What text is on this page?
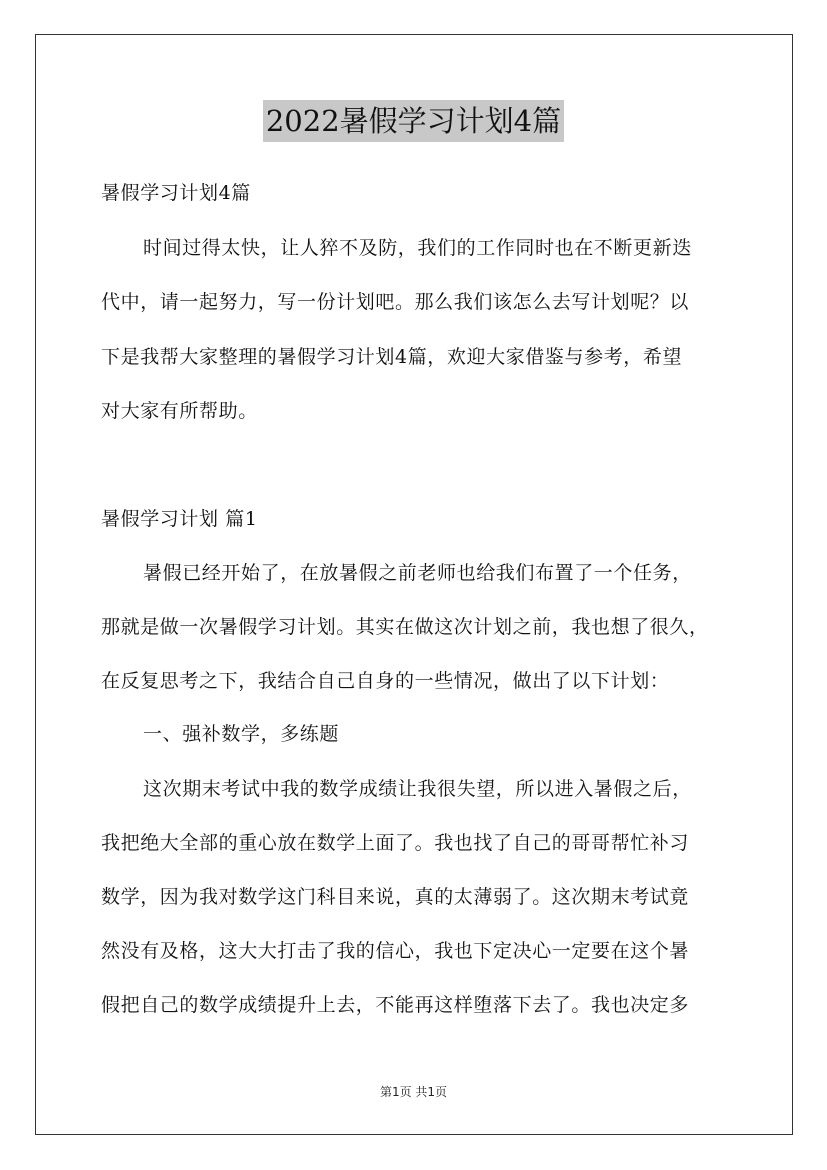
2022暑假学习计划4篇
暑假学习计划4篇
时间过得太快，让人猝不及防，我们的工作同时也在不断更新迭
代中，请一起努力，写一份计划吧。那么我们该怎么去写计划呢？以
下是我帮大家整理的暑假学习计划4篇，欢迎大家借鉴与参考，希望
对大家有所帮助。
暑假学习计划 篇1
暑假已经开始了，在放暑假之前老师也给我们布置了一个任务，
那就是做一次暑假学习计划。其实在做这次计划之前，我也想了很久，
在反复思考之下，我结合自己自身的一些情况，做出了以下计划：
一、强补数学，多练题
这次期末考试中我的数学成绩让我很失望，所以进入暑假之后，
我把绝大全部的重心放在数学上面了。我也找了自己的哥哥帮忙补习
数学，因为我对数学这门科目来说，真的太薄弱了。这次期末考试竟
然没有及格，这大大打击了我的信心，我也下定决心一定要在这个暑
假把自己的数学成绩提升上去，不能再这样堕落下去了。我也决定多
第1页 共1页
